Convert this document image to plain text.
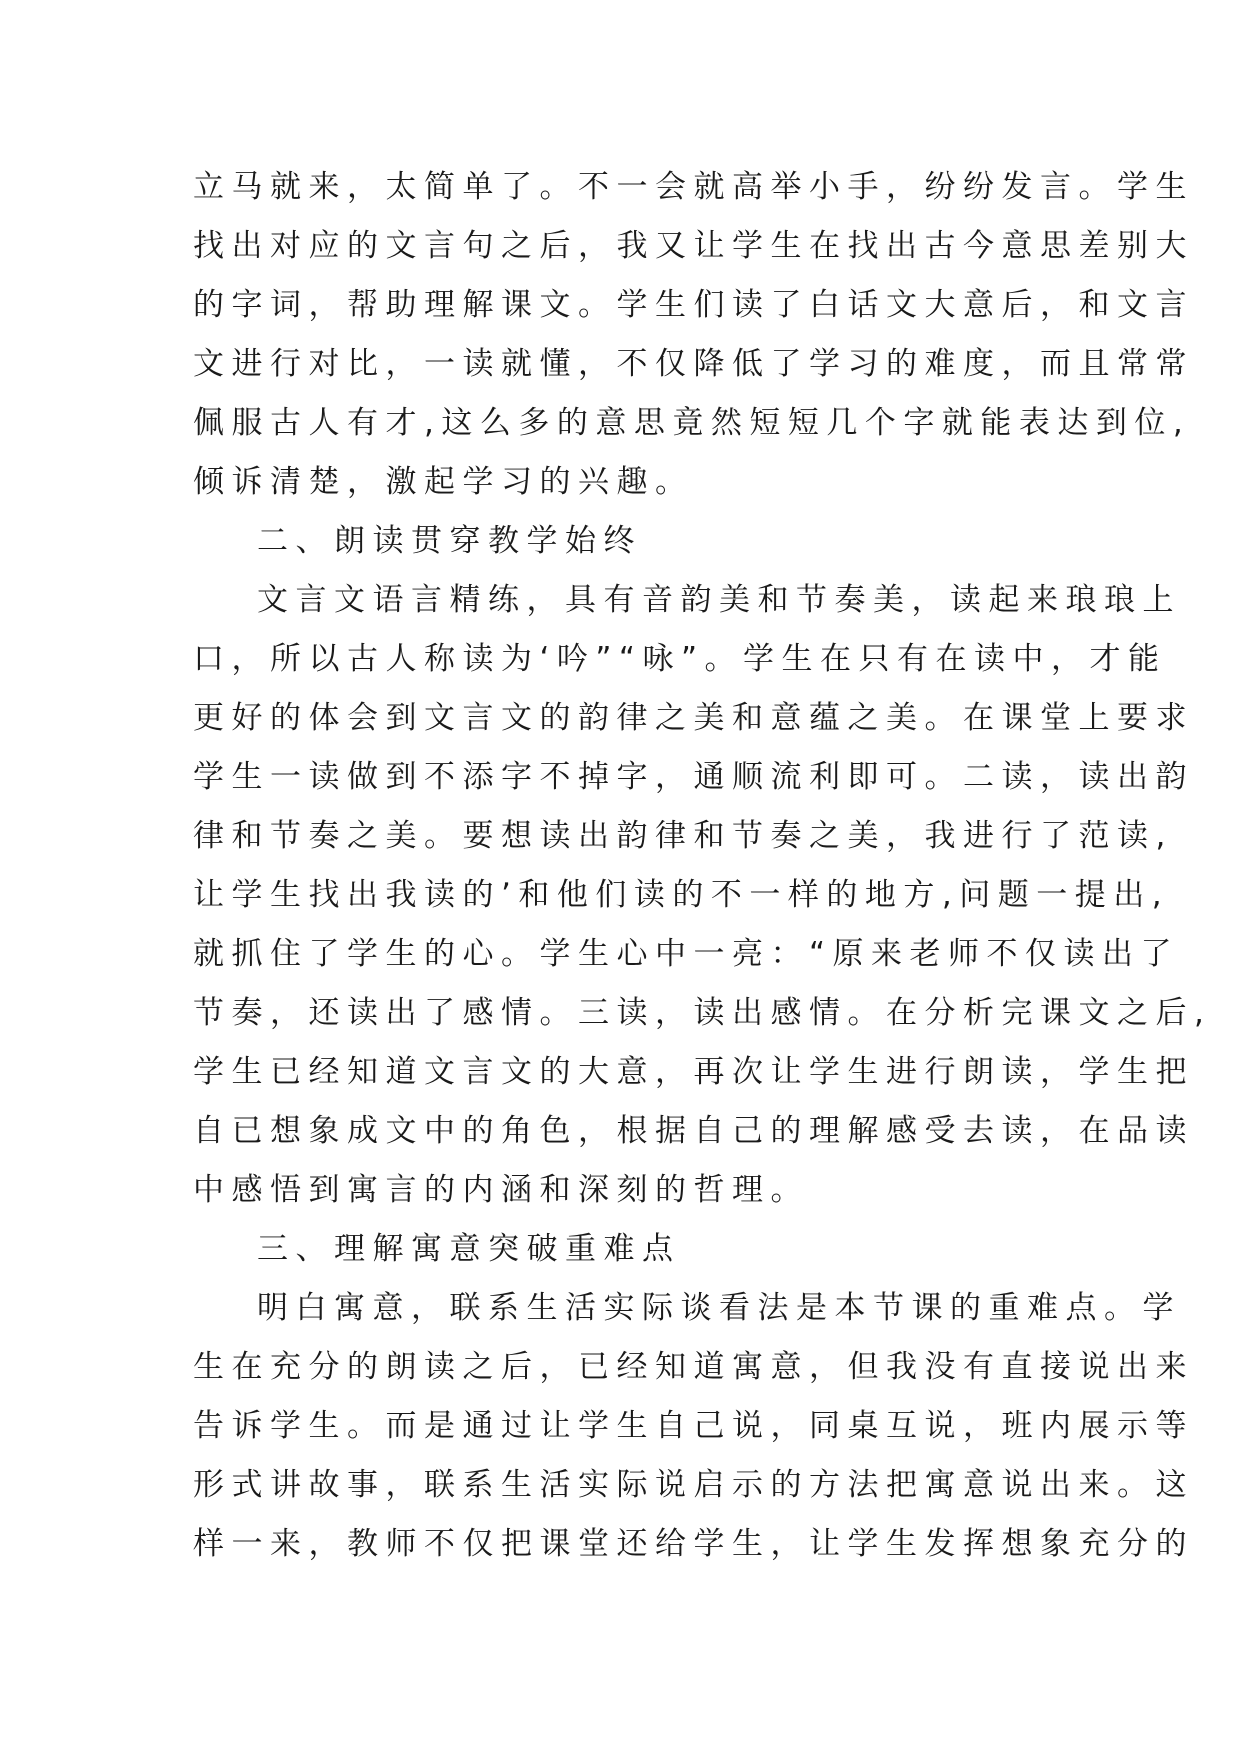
立马就来，太简单了。不一会就高举小手，纷纷发言。学生
找出对应的文言句之后，我又让学生在找出古今意思差别大
的字词，帮助理解课文。学生们读了白话文大意后，和文言
文进行对比，一读就懂，不仅降低了学习的难度，而且常常
佩服古人有才,这么多的意思竟然短短几个字就能表达到位,
倾诉清楚，激起学习的兴趣。
二、朗读贯穿教学始终
文言文语言精练，具有音韵美和节奏美，读起来琅琅上
口，所以古人称读为‘吟”“咏”。学生在只有在读中，才能
更好的体会到文言文的韵律之美和意蕴之美。在课堂上要求
学生一读做到不添字不掉字，通顺流利即可。二读，读出韵
律和节奏之美。要想读出韵律和节奏之美，我进行了范读,
让学生找出我读的’和他们读的不一样的地方,问题一提出,
就抓住了学生的心。学生心中一亮：“原来老师不仅读出了
节奏，还读出了感情。三读，读出感情。在分析完课文之后,
学生已经知道文言文的大意，再次让学生进行朗读，学生把
自已想象成文中的角色，根据自己的理解感受去读，在品读
中感悟到寓言的内涵和深刻的哲理。
三、理解寓意突破重难点
明白寓意，联系生活实际谈看法是本节课的重难点。学
生在充分的朗读之后，已经知道寓意，但我没有直接说出来
告诉学生。而是通过让学生自己说，同桌互说，班内展示等
形式讲故事，联系生活实际说启示的方法把寓意说出来。这
样一来，教师不仅把课堂还给学生，让学生发挥想象充分的
